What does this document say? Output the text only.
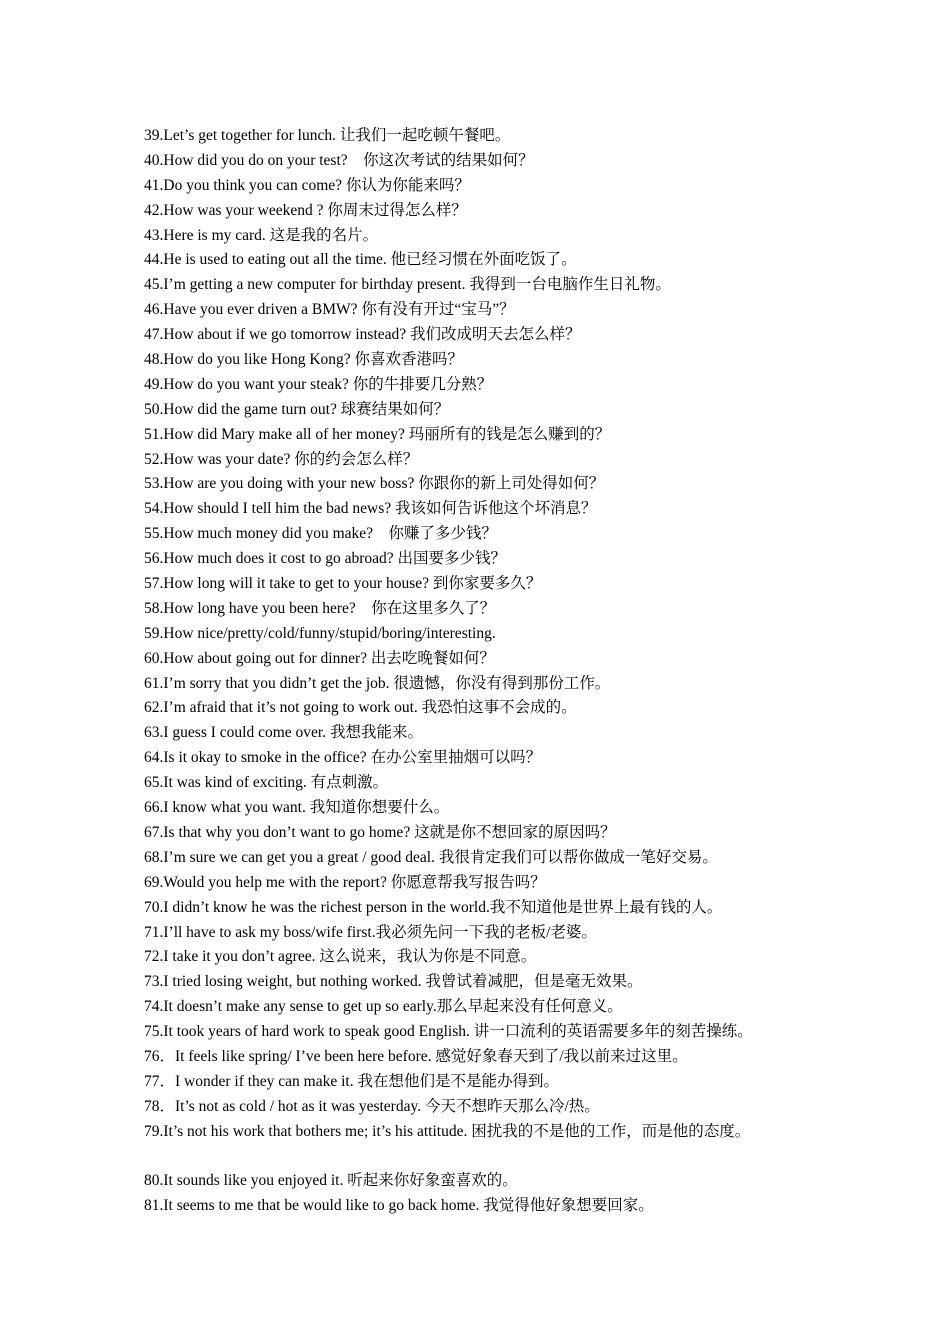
39.Let’s get together for lunch. 让我们一起吃顿午餐吧。
40.How did you do on your test?　你这次考试的结果如何？
41.Do you think you can come? 你认为你能来吗？
42.How was your weekend ? 你周末过得怎么样？
43.Here is my card. 这是我的名片。
44.He is used to eating out all the time. 他已经习惯在外面吃饭了。
45.I’m getting a new computer for birthday present. 我得到一台电脑作生日礼物。
46.Have you ever driven a BMW? 你有没有开过“宝马”？
47.How about if we go tomorrow instead? 我们改成明天去怎么样？
48.How do you like Hong Kong? 你喜欢香港吗？
49.How do you want your steak? 你的牛排要几分熟？
50.How did the game turn out? 球赛结果如何？
51.How did Mary make all of her money? 玛丽所有的钱是怎么赚到的？
52.How was your date? 你的约会怎么样？
53.How are you doing with your new boss? 你跟你的新上司处得如何？
54.How should I tell him the bad news? 我该如何告诉他这个坏消息？
55.How much money did you make?　你赚了多少钱？
56.How much does it cost to go abroad? 出国要多少钱？
57.How long will it take to get to your house? 到你家要多久？
58.How long have you been here?　你在这里多久了？
59.How nice/pretty/cold/funny/stupid/boring/interesting.
60.How about going out for dinner? 出去吃晚餐如何？
61.I’m sorry that you didn’t get the job. 很遗憾，你没有得到那份工作。
62.I’m afraid that it’s not going to work out. 我恐怕这事不会成的。
63.I guess I could come over. 我想我能来。
64.Is it okay to smoke in the office? 在办公室里抽烟可以吗？
65.It was kind of exciting. 有点刺激。
66.I know what you want. 我知道你想要什么。
67.Is that why you don’t want to go home? 这就是你不想回家的原因吗？
68.I’m sure we can get you a great / good deal. 我很肯定我们可以帮你做成一笔好交易。
69.Would you help me with the report? 你愿意帮我写报告吗？
70.I didn’t know he was the richest person in the world.我不知道他是世界上最有钱的人。
71.I’ll have to ask my boss/wife first.我必须先问一下我的老板/老婆。
72.I take it you don’t agree. 这么说来，我认为你是不同意。
73.I tried losing weight, but nothing worked. 我曾试着减肥，但是毫无效果。
74.It doesn’t make any sense to get up so early.那么早起来没有任何意义。
75.It took years of hard work to speak good English. 讲一口流利的英语需要多年的刻苦操练。
76．It feels like spring/ I’ve been here before. 感觉好象春天到了/我以前来过这里。
77．I wonder if they can make it. 我在想他们是不是能办得到。
78．It’s not as cold / hot as it was yesterday. 今天不想昨天那么冷/热。
79.It’s not his work that bothers me; it’s his attitude. 困扰我的不是他的工作，而是他的态度。
80.It sounds like you enjoyed it. 听起来你好象蛮喜欢的。
81.It seems to me that be would like to go back home. 我觉得他好象想要回家。
